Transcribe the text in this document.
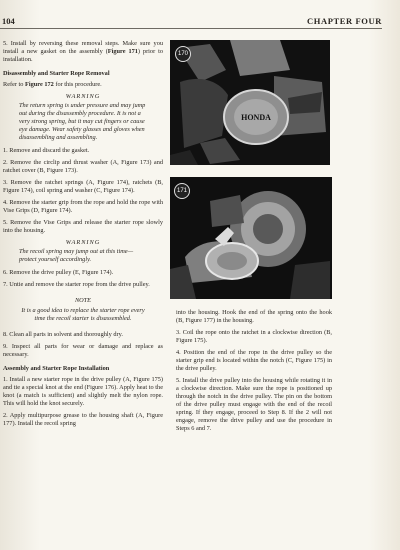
104	CHAPTER FOUR

5. Install by reversing these removal steps. Make sure you install a new gasket on the assembly (Figure 171) prior to installation.

Disassembly and Starter Rope Removal

Refer to Figure 172 for this procedure.

WARNING

The return spring is under pressure and may jump out during the disassembly procedure. It is not a very strong spring, but it may cut fingers or cause eye damage. Wear safety glasses and gloves when disassembling and assembling.

1. Remove and discard the gasket.

2. Remove the circlip and thrust washer (A, Figure 173) and ratchet cover (B, Figure 173).

3. Remove the ratchet springs (A, Figure 174), ratchets (B, Figure 174), coil spring and washer (C, Figure 174).

4. Remove the starter grip from the rope and hold the rope with Vise Grips (D, Figure 174).

5. Remove the Vise Grips and release the starter rope slowly into the housing.

WARNING

The recoil spring may jump out at this time—protect yourself accordingly.

6. Remove the drive pulley (E, Figure 174).

7. Untie and remove the starter rope from the drive pulley.

NOTE

It is a good idea to replace the starter rope every time the recoil starter is disassembled.

8. Clean all parts in solvent and thoroughly dry.

9. Inspect all parts for wear or damage and replace as necessary.

Assembly and Starter Rope Installation

1. Install a new starter rope in the drive pulley (A, Figure 175) and tie a special knot at the end (Figure 176). Apply heat to the knot (a match is sufficient) and slightly melt the nylon rope. This will hold the knot securely.

2. Apply multipurpose grease to the housing shaft (A, Figure 177). Install the recoil spring

HONDA
170
171

into the housing. Hook the end of the spring onto the hook (B, Figure 177) in the housing.

3. Coil the rope onto the ratchet in a clockwise direction (B, Figure 175).

4. Position the end of the rope in the drive pulley so the starter grip end is located within the notch (C, Figure 175) in the drive pulley.

5. Install the drive pulley into the housing while rotating it in a clockwise direction. Make sure the rope is positioned up through the notch in the drive pulley. The pin on the bottom of the drive pulley must engage with the end of the recoil spring. If they engage, proceed to Step 8. If the 2 will not engage, remove the drive pulley and use the procedure in Steps 6 and 7.
